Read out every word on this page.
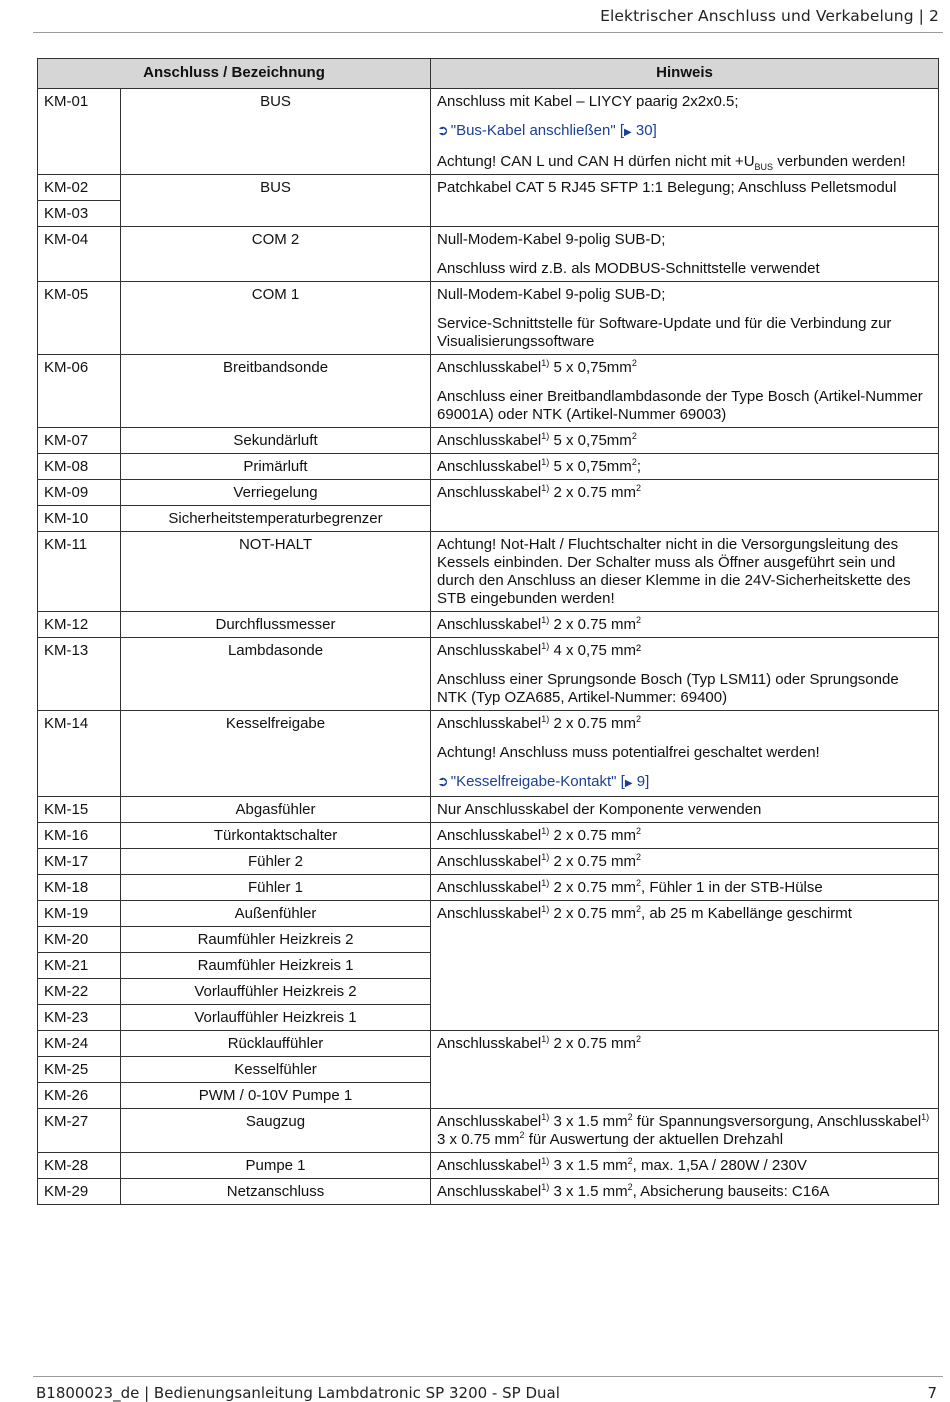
Elektrischer Anschluss und Verkabelung | 2
Anschluss / Bezeichnung		Hinweis
KM-01	BUS	Anschluss mit Kabel – LIYCY paarig 2x2x0.5;
➲ "Bus-Kabel anschließen" [▶ 30]
Achtung! CAN L und CAN H dürfen nicht mit $+U_{BUS}$ verbunden werden!

KM-02	BUS	Patchkabel CAT 5 RJ45 SFTP 1:1 Belegung; Anschluss Pelletsmodul
KM-03		
KM-04	COM 2	Null-Modem-Kabel 9-polig SUB-D;
Anschluss wird z.B. als MODBUS-Schnittstelle verwendet

KM-05	COM 1	Null-Modem-Kabel 9-polig SUB-D;
Service-Schnittstelle für Software-Update und für die Verbindung zur Visualisierungssoftware

KM-06	Breitbandsonde	Anschlusskabel$^{1)}$ 5 x $0,75mm^2$
Anschluss einer Breitbandlambdasonde der Type Bosch (Artikel-Nummer 69001A) oder NTK (Artikel-Nummer 69003)

KM-07	Sekundärluft	Anschlusskabel$^{1)}$ 5 x $0,75mm^2$
KM-08	Primärluft	Anschlusskabel$^{1)}$ 5 x $0,75mm^2$;
KM-09	Verriegelung	Anschlusskabel$^{1)}$ 2 x 0.75 $mm^2$
KM-10	Sicherheitstemperaturbegrenzer	
KM-11	NOT-HALT	Achtung! Not-Halt / Fluchtschalter nicht in die Versorgungsleitung des Kessels einbinden. Der Schalter muss als Öffner ausgeführt sein und durch den Anschluss an dieser Klemme in die 24V-Sicherheitskette des STB eingebunden werden!
KM-12	Durchflussmesser	Anschlusskabel$^{1)}$ 2 x 0.75 $mm^2$
KM-13	Lambdasonde	Anschlusskabel$^{1)}$ 4 x 0,75 mm²
Anschluss einer Sprungsonde Bosch (Typ LSM11) oder Sprungsonde NTK (Typ OZA685, Artikel-Nummer: 69400)

KM-14	Kesselfreigabe	Anschlusskabel$^{1)}$ 2 x 0.75 $mm^2$
Achtung! Anschluss muss potentialfrei geschaltet werden!
➲ "Kesselfreigabe-Kontakt" [▶ 9]

KM-15	Abgasfühler	Nur Anschlusskabel der Komponente verwenden
KM-16	Türkontaktschalter	Anschlusskabel$^{1)}$ 2 x 0.75 $mm^2$
KM-17	Fühler 2	Anschlusskabel$^{1)}$ 2 x 0.75 $mm^2$
KM-18	Fühler 1	Anschlusskabel$^{1)}$ 2 x 0.75 $mm^2$, Fühler 1 in der STB-Hülse
KM-19	Außenfühler	Anschlusskabel$^{1)}$ 2 x 0.75 $mm^2$, ab 25 m Kabellänge geschirmt
KM-20	Raumfühler Heizkreis 2	
KM-21	Raumfühler Heizkreis 1	
KM-22	Vorlauffühler Heizkreis 2	
KM-23	Vorlauffühler Heizkreis 1	
KM-24	Rücklauffühler	Anschlusskabel$^{1)}$ 2 x 0.75 $mm^2$
KM-25	Kesselfühler	
KM-26	PWM / 0-10V Pumpe 1	
KM-27	Saugzug	Anschlusskabel$^{1)}$ 3 x 1.5 $mm^2$ für Spannungsversorgung, Anschlusskabel$^{1)}$ 3 x 0.75 $mm^2$ für Auswertung der aktuellen Drehzahl
KM-28	Pumpe 1	Anschlusskabel$^{1)}$ 3 x 1.5 $mm^2$, max. 1,5A / 280W / 230V
KM-29	Netzanschluss	Anschlusskabel$^{1)}$ 3 x 1.5 $mm^2$, Absicherung bauseits: C16A
B1800023_de | Bedienungsanleitung Lambdatronic SP 3200 - SP Dual	7
